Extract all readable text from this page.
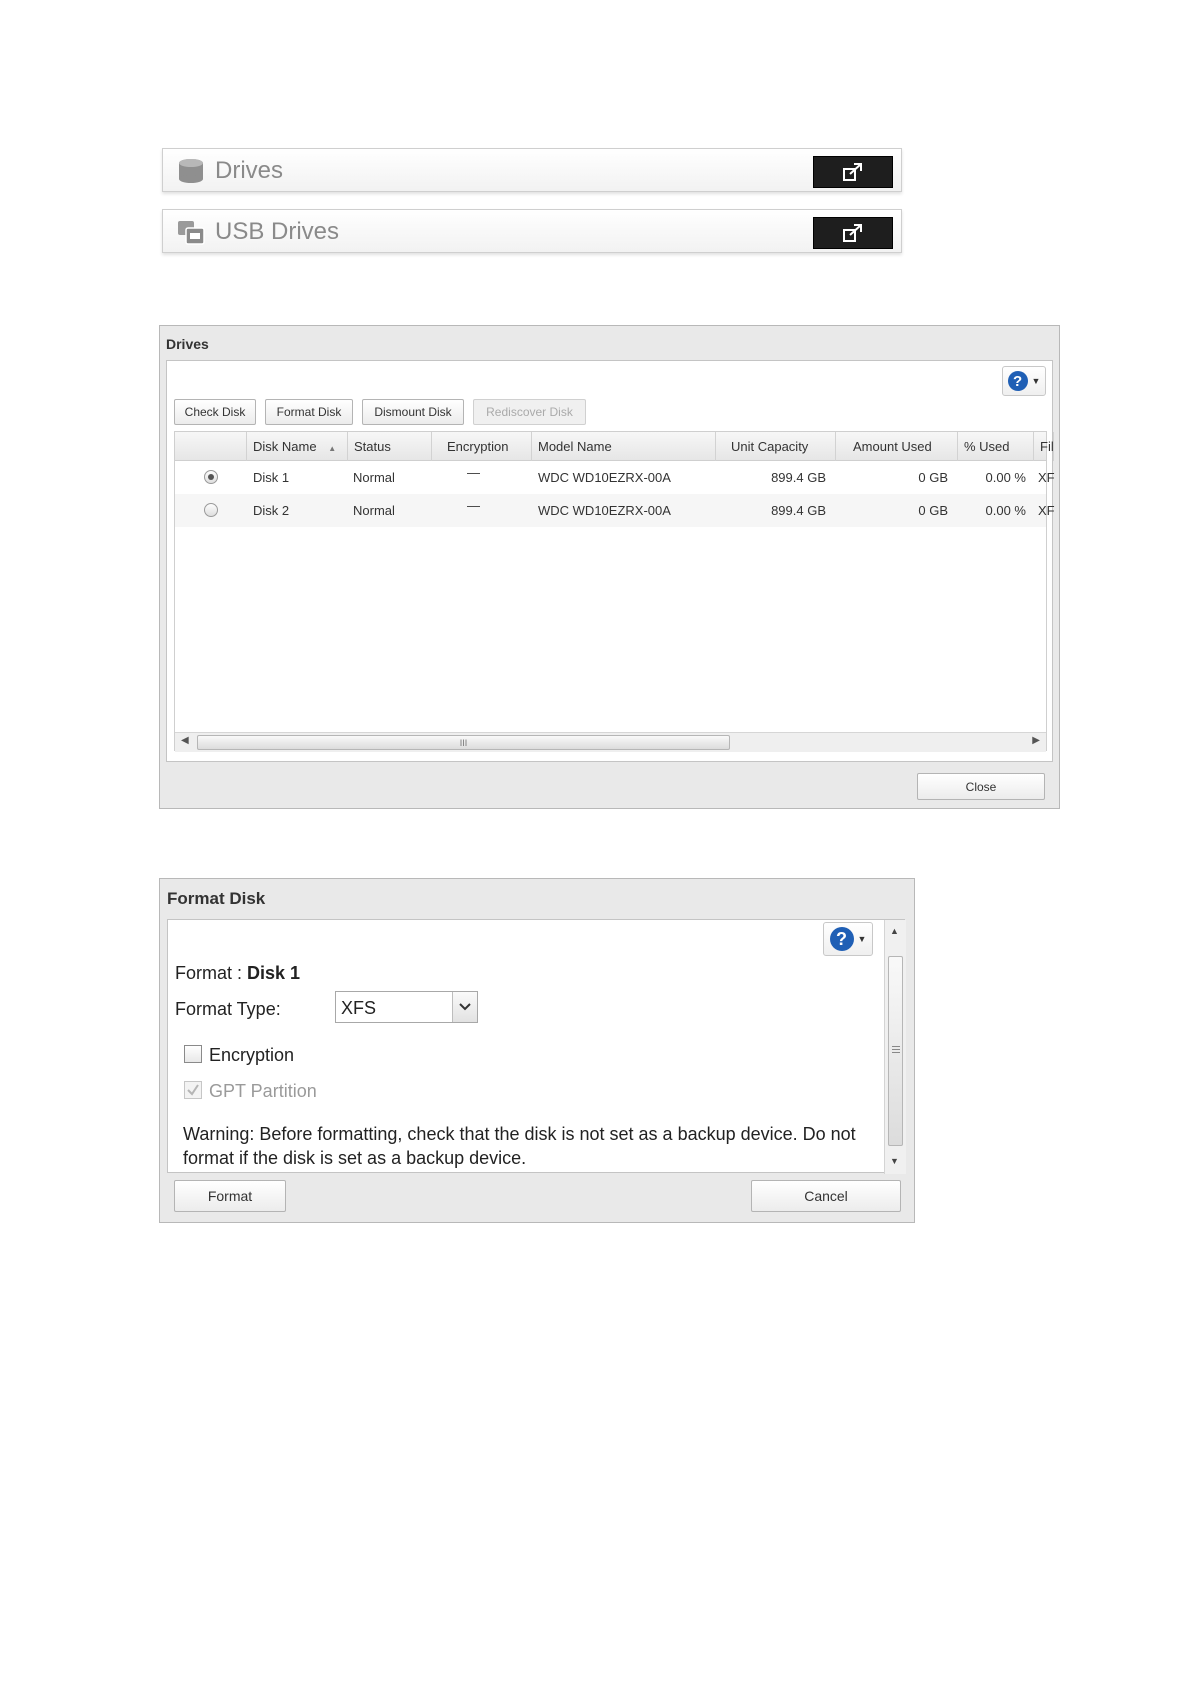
Drives
USB Drives
Drives
?	▼
Check Disk	Format Disk	Dismount Disk	Rediscover Disk
Disk Name ▲	Status	Encryption	Model Name	Unit Capacity	Amount Used	% Used	Fil
Disk 1	Normal	—	WDC WD10EZRX-00A	899.4 GB	0 GB	0.00 % XF
Disk 2	Normal	—	WDC WD10EZRX-00A	899.4 GB	0 GB	0.00 % XF
◀	III	▶
Close
Format Disk
?	▼
Format : Disk 1
Format Type:	XFS
Encryption
GPT Partition
Warning: Before formatting, check that the disk is not set as a backup device. Do not format if the disk is set as a backup device.
▲
▼
Format	Cancel
